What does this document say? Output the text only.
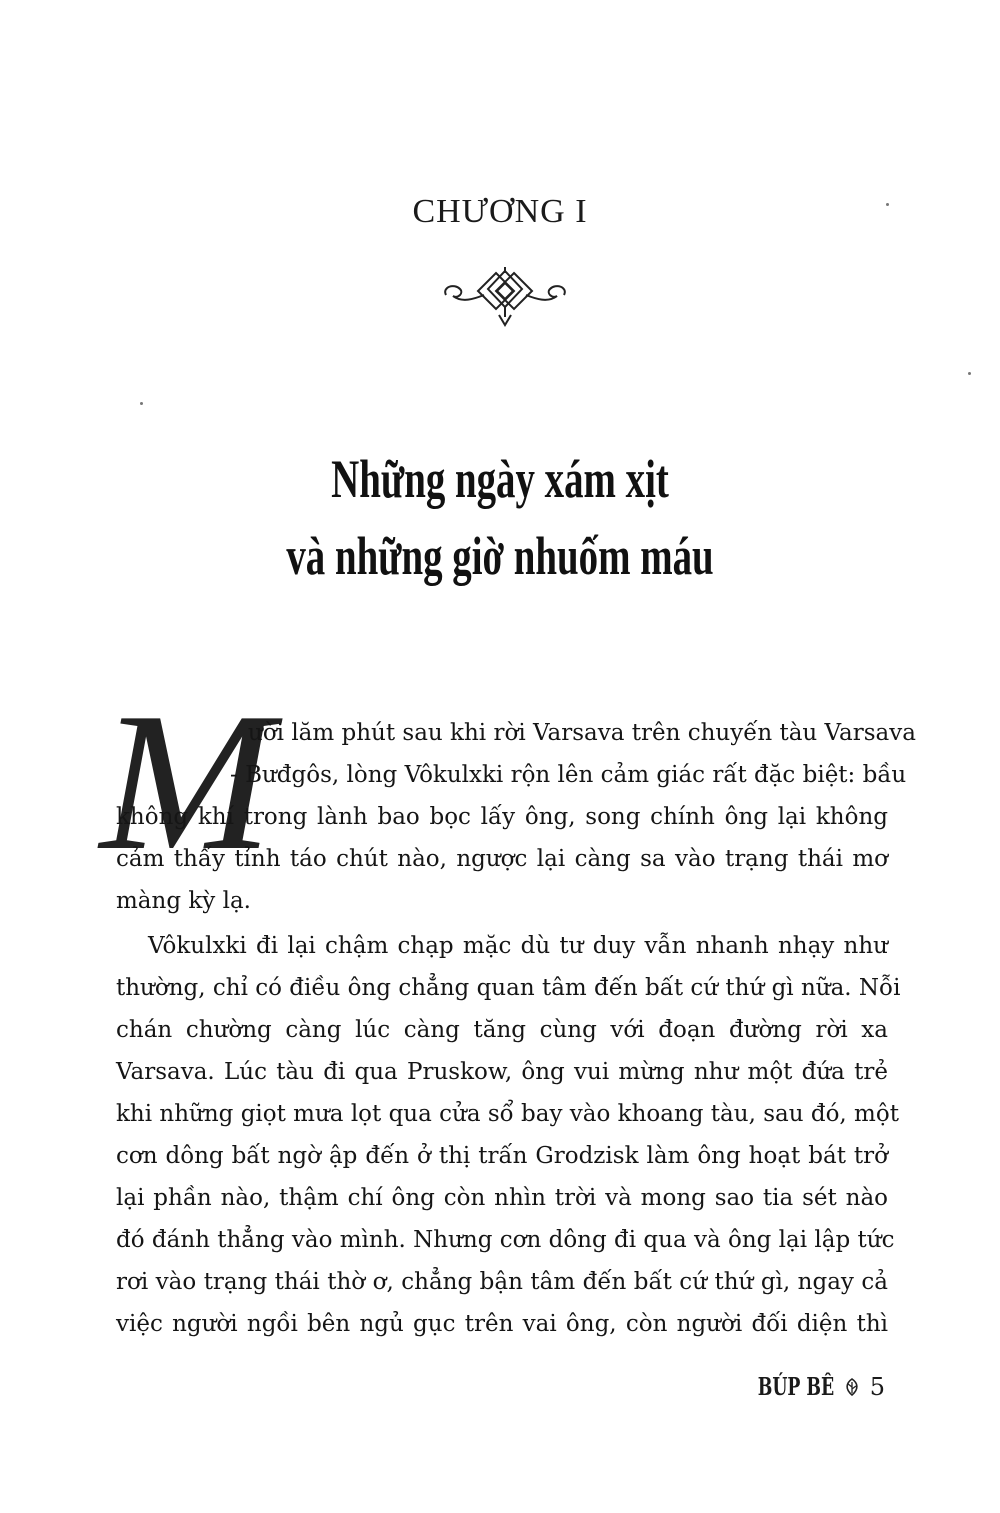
CHƯƠNG I
Những ngày xám xịt
và những giờ nhuốm máu
M
ười lăm phút sau khi rời Varsava trên chuyến tàu Varsava
- Bưđgôs, lòng Vôkulxki rộn lên cảm giác rất đặc biệt: bầu
không khí trong lành bao bọc lấy ông, song chính ông lại không
cảm thấy tỉnh táo chút nào, ngược lại càng sa vào trạng thái mơ
màng kỳ lạ.
Vôkulxki đi lại chậm chạp mặc dù tư duy vẫn nhanh nhạy như
thường, chỉ có điều ông chẳng quan tâm đến bất cứ thứ gì nữa. Nỗi
chán chường càng lúc càng tăng cùng với đoạn đường rời xa
Varsava. Lúc tàu đi qua Pruskow, ông vui mừng như một đứa trẻ
khi những giọt mưa lọt qua cửa sổ bay vào khoang tàu, sau đó, một
cơn dông bất ngờ ập đến ở thị trấn Grodzisk làm ông hoạt bát trở
lại phần nào, thậm chí ông còn nhìn trời và mong sao tia sét nào
đó đánh thẳng vào mình. Nhưng cơn dông đi qua và ông lại lập tức
rơi vào trạng thái thờ ơ, chẳng bận tâm đến bất cứ thứ gì, ngay cả
việc người ngồi bên ngủ gục trên vai ông, còn người đối diện thì
BÚP BÊ 5
